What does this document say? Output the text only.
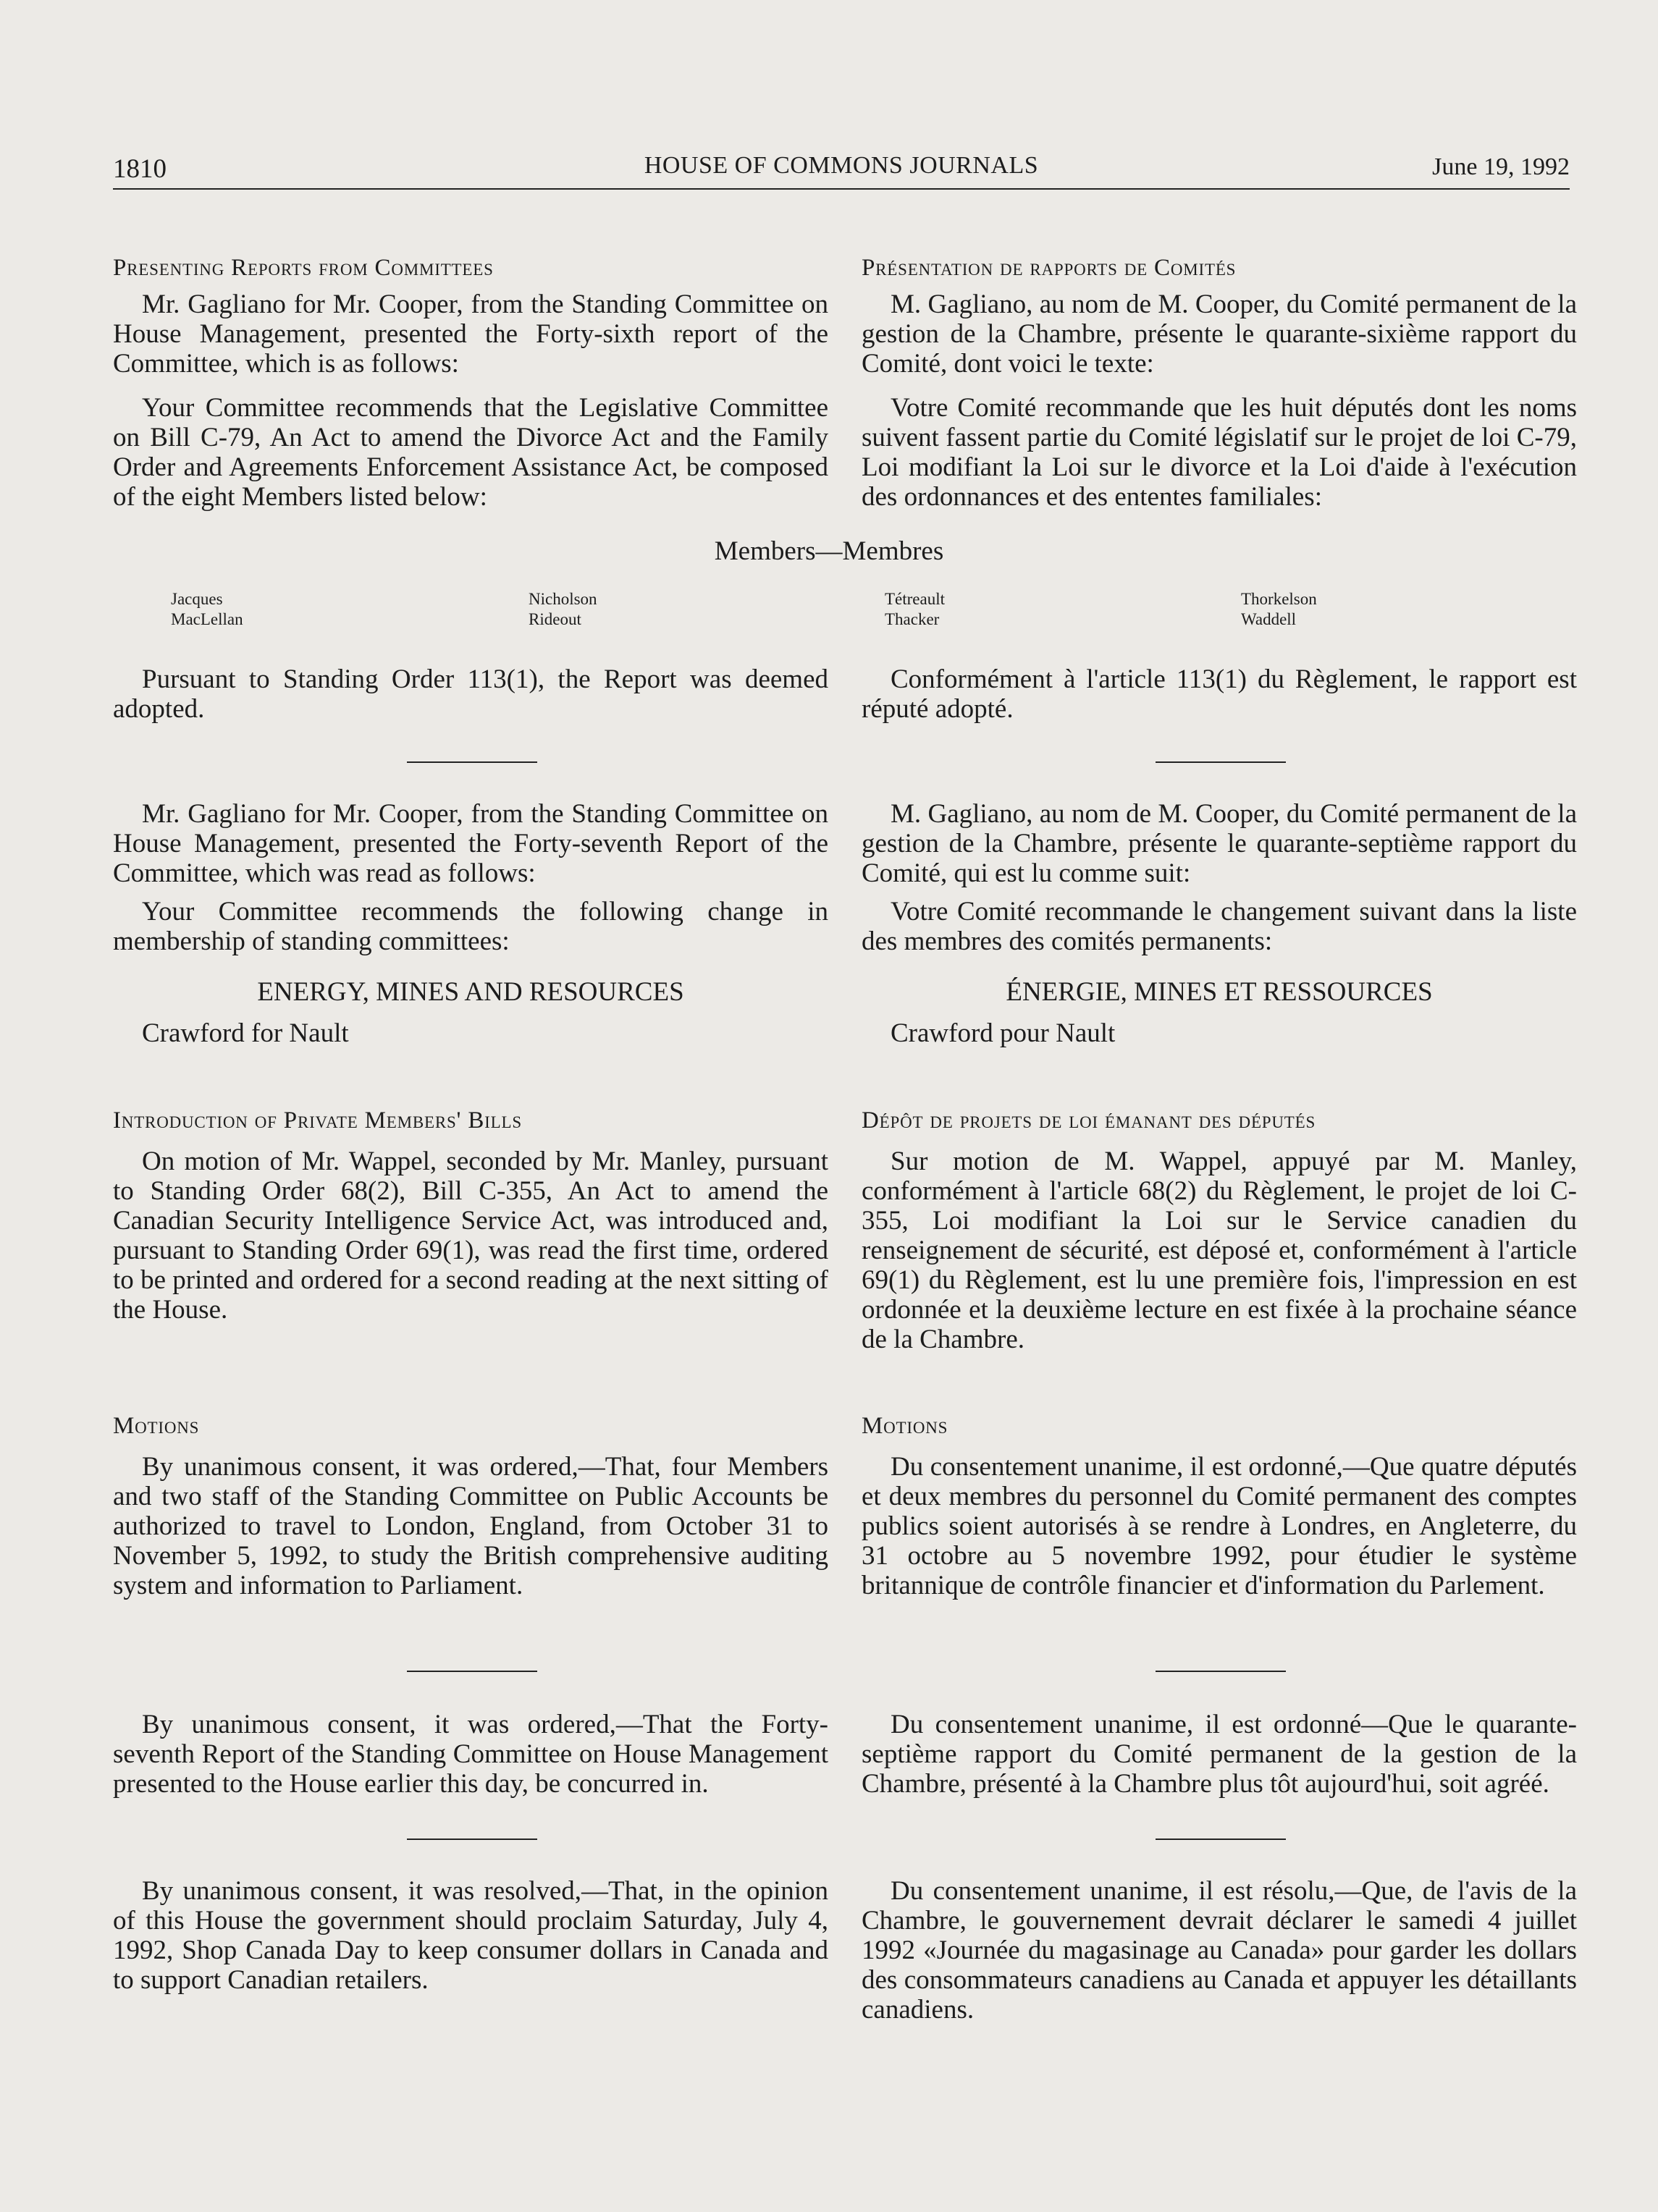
1810	HOUSE OF COMMONS JOURNALS	June 19, 1992
Presenting Reports from Committees

Mr. Gagliano for Mr. Cooper, from the Standing Committee on House Management, presented the Forty-sixth report of the Committee, which is as follows:

Your Committee recommends that the Legislative Committee on Bill C-79, An Act to amend the Divorce Act and the Family Order and Agreements Enforcement Assistance Act, be composed of the eight Members listed below:

Présentation de rapports de Comités

M. Gagliano, au nom de M. Cooper, du Comité permanent de la gestion de la Chambre, présente le quarante-sixième rapport du Comité, dont voici le texte:

Votre Comité recommande que les huit députés dont les noms suivent fassent partie du Comité législatif sur le projet de loi C-79, Loi modifiant la Loi sur le divorce et la Loi d'aide à l'exécution des ordonnances et des ententes familiales:

Members—Membres
Jacques
MacLellan
Nicholson
Rideout
Tétreault
Thacker
Thorkelson
Waddell

Pursuant to Standing Order 113(1), the Report was deemed adopted.

Conformément à l'article 113(1) du Règlement, le rapport est réputé adopté.

Mr. Gagliano for Mr. Cooper, from the Standing Committee on House Management, presented the Forty-seventh Report of the Committee, which was read as follows:

Your Committee recommends the following change in membership of standing committees:

ENERGY, MINES AND RESOURCES
Crawford for Nault

M. Gagliano, au nom de M. Cooper, du Comité permanent de la gestion de la Chambre, présente le quarante-septième rapport du Comité, qui est lu comme suit:

Votre Comité recommande le changement suivant dans la liste des membres des comités permanents:

ÉNERGIE, MINES ET RESSOURCES
Crawford pour Nault
Introduction of Private Members' Bills

On motion of Mr. Wappel, seconded by Mr. Manley, pursuant to Standing Order 68(2), Bill C-355, An Act to amend the Canadian Security Intelligence Service Act, was introduced and, pursuant to Standing Order 69(1), was read the first time, ordered to be printed and ordered for a second reading at the next sitting of the House.

Dépôt de projets de loi émanant des députés

Sur motion de M. Wappel, appuyé par M. Manley, conformément à l'article 68(2) du Règlement, le projet de loi C-355, Loi modifiant la Loi sur le Service canadien du renseignement de sécurité, est déposé et, conformément à l'article 69(1) du Règlement, est lu une première fois, l'impression en est ordonnée et la deuxième lecture en est fixée à la prochaine séance de la Chambre.

Motions

By unanimous consent, it was ordered,—That, four Members and two staff of the Standing Committee on Public Accounts be authorized to travel to London, England, from October 31 to November 5, 1992, to study the British comprehensive auditing system and information to Parliament.

Motions

Du consentement unanime, il est ordonné,—Que quatre députés et deux membres du personnel du Comité permanent des comptes publics soient autorisés à se rendre à Londres, en Angleterre, du 31 octobre au 5 novembre 1992, pour étudier le système britannique de contrôle financier et d'information du Parlement.

By unanimous consent, it was ordered,—That the Forty-seventh Report of the Standing Committee on House Management presented to the House earlier this day, be concurred in.

Du consentement unanime, il est ordonné—Que le quarante-septième rapport du Comité permanent de la gestion de la Chambre, présenté à la Chambre plus tôt aujourd'hui, soit agréé.

By unanimous consent, it was resolved,—That, in the opinion of this House the government should proclaim Saturday, July 4, 1992, Shop Canada Day to keep consumer dollars in Canada and to support Canadian retailers.

Du consentement unanime, il est résolu,—Que, de l'avis de la Chambre, le gouvernement devrait déclarer le samedi 4 juillet 1992 «Journée du magasinage au Canada» pour garder les dollars des consommateurs canadiens au Canada et appuyer les détaillants canadiens.
